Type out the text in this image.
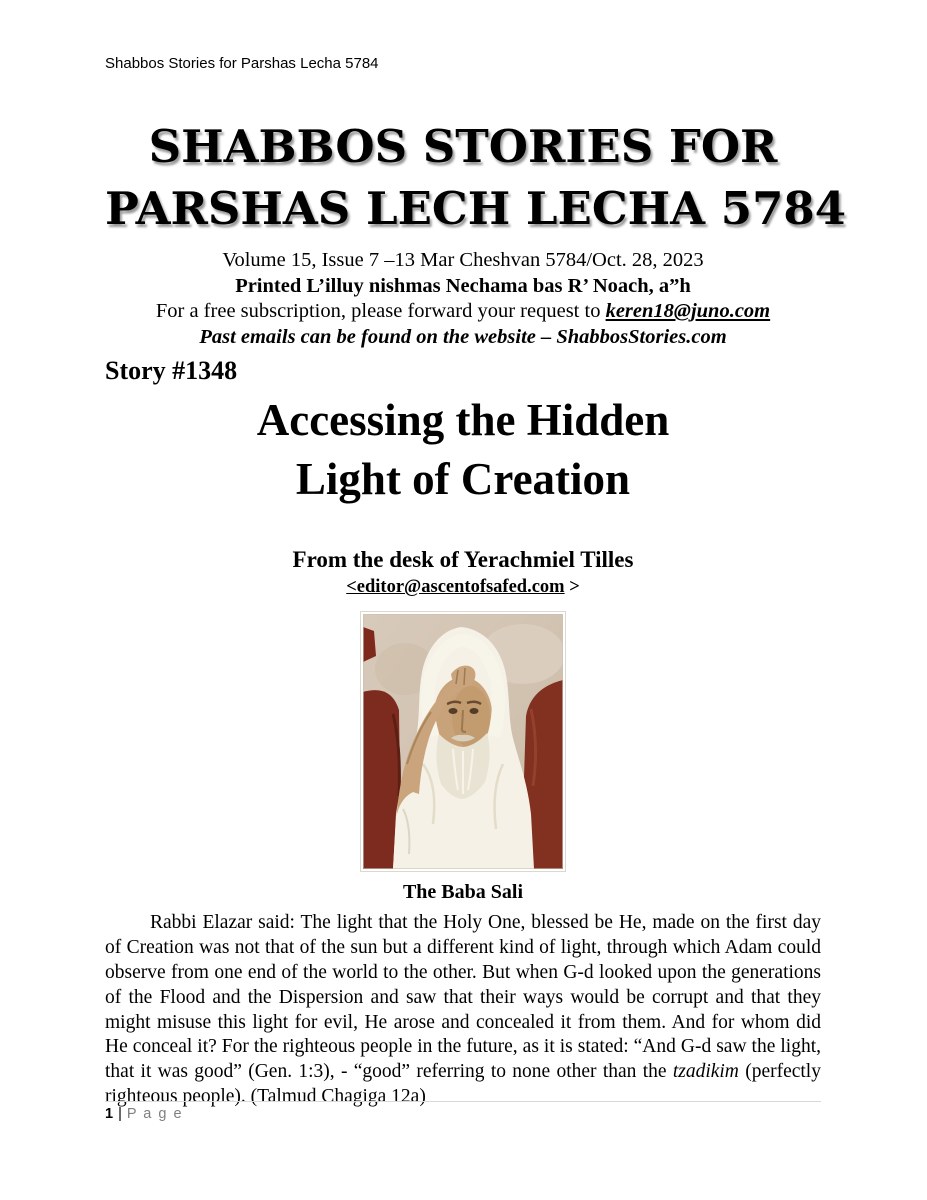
Shabbos Stories for Parshas Lecha 5784
SHABBOS STORIES FOR
PARSHAS LECH LECHA 5784
Volume 15, Issue 7 –13 Mar Cheshvan 5784/Oct. 28, 2023
Printed L’illuy nishmas Nechama bas R’ Noach, a”h
For a free subscription, please forward your request to keren18@juno.com
Past emails can be found on the website – ShabbosStories.com
Story #1348
Accessing the Hidden
Light of Creation
From the desk of Yerachmiel Tilles
<editor@ascentofsafed.com >
The Baba Sali

Rabbi Elazar said: The light that the Holy One, blessed be He, made on the first day of Creation was not that of the sun but a different kind of light, through which Adam could observe from one end of the world to the other. But when G-d looked upon the generations of the Flood and the Dispersion and saw that their ways would be corrupt and that they might misuse this light for evil, He arose and concealed it from them. And for whom did He conceal it? For the righteous people in the future, as it is stated: “And G-d saw the light, that it was good” (Gen. 1:3), - “good” referring to none other than the tzadikim (perfectly righteous people). (Talmud Chagiga 12a)

1 | P a g e
